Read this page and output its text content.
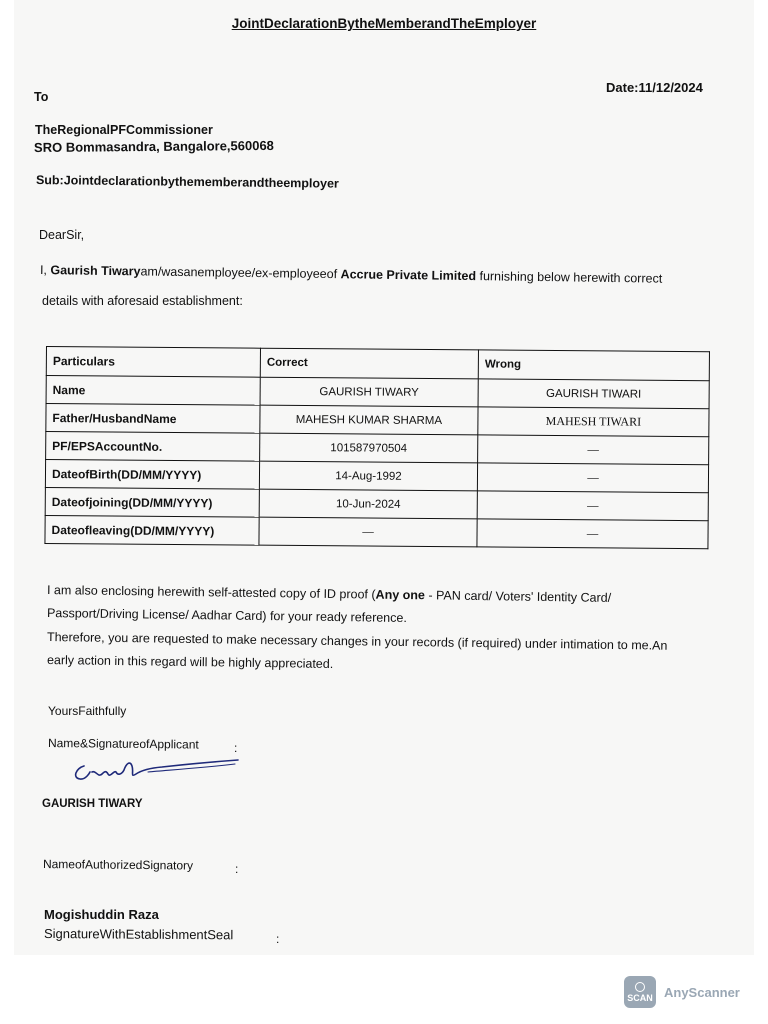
JointDeclarationBytheMemberandTheEmployer
Date:11/12/2024
To
TheRegionalPFCommissioner
SRO Bommasandra, Bangalore,560068
Sub:Jointdeclarationbythememberandtheemployer
DearSir,
I, Gaurish Tiwaryam/wasanemployee/ex-employeeof Accrue Private Limited furnishing below herewith correct
details with aforesaid establishment:
Particulars	Correct	Wrong
Name	GAURISH TIWARY	GAURISH TIWARI
Father/HusbandName	MAHESH KUMAR SHARMA	MAHESH TIWARI
PF/EPSAccountNo.	101587970504	—
DateofBirth(DD/MM/YYYY)	14-Aug-1992	—
Dateofjoining(DD/MM/YYYY)	10-Jun-2024	—
Dateofleaving(DD/MM/YYYY)	—	—
I am also enclosing herewith self-attested copy of ID proof (Any one - PAN card/ Voters' Identity Card/
Passport/Driving License/ Aadhar Card) for your ready reference.
Therefore, you are requested to make necessary changes in your records (if required) under intimation to me.An
early action in this regard will be highly appreciated.
YoursFaithfully
Name&SignatureofApplicant	:
GAURISH TIWARY
NameofAuthorizedSignatory	:
Mogishuddin Raza
SignatureWithEstablishmentSeal	:
SCAN AnyScanner
